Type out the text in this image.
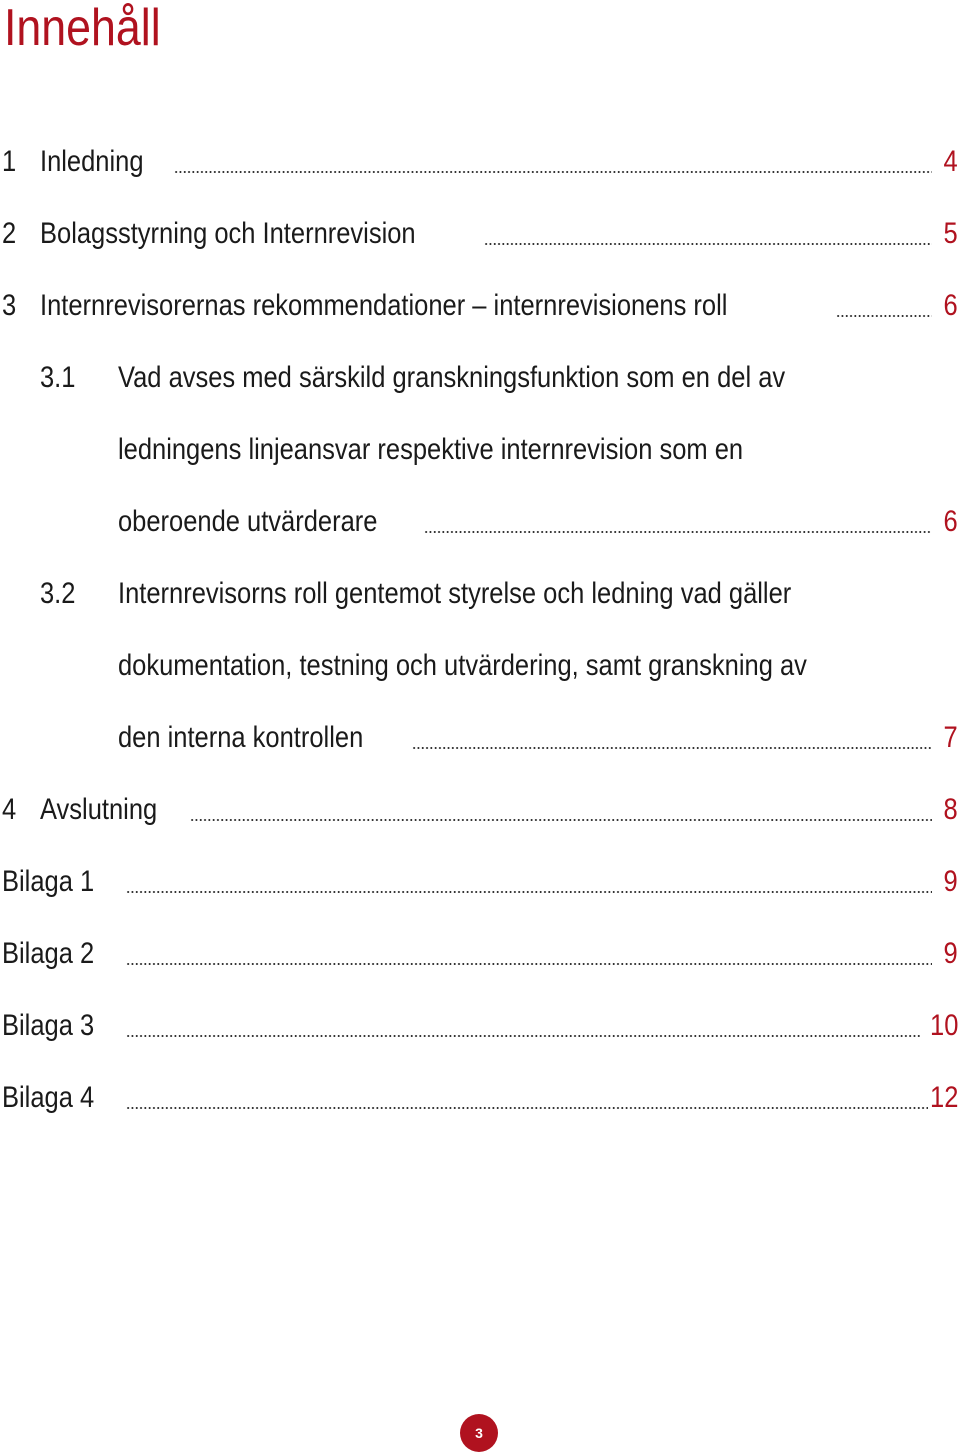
Innehåll
1 Inledning	4
2 Bolagsstyrning och Internrevision	5
3 Internrevisorernas rekommendationer – internrevisionens roll	6
3.1 Vad avses med särskild granskningsfunktion som en del av
ledningens linjeansvar respektive internrevision som en
oberoende utvärderare	6
3.2 Internrevisorns roll gentemot styrelse och ledning vad gäller
dokumentation, testning och utvärdering, samt granskning av
den interna kontrollen	7
4 Avslutning	8
Bilaga 1	9
Bilaga 2	9
Bilaga 3	10
Bilaga 4	12
3
